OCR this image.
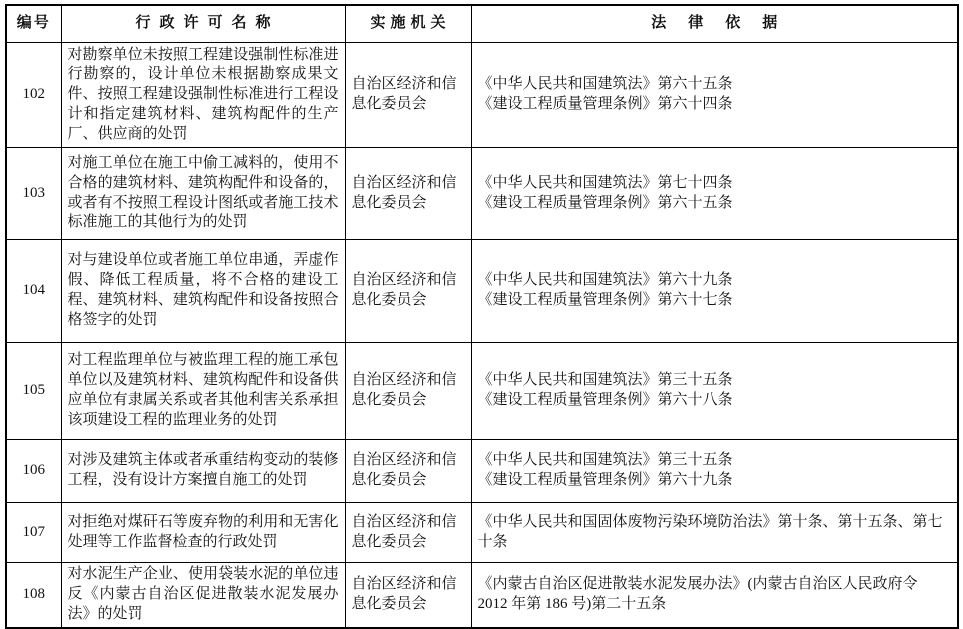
编号	行政许可名称	实施机关	法律依据
102	对勘察单位未按照工程建设强制性标准进行勘察的，设计单位未根据勘察成果文件、按照工程建设强制性标准进行工程设计和指定建筑材料、建筑构配件的生产厂、供应商的处罚	自治区经济和信息化委员会	《中华人民共和国建筑法》第六十五条
《建设工程质量管理条例》第六十四条

103	对施工单位在施工中偷工减料的，使用不合格的建筑材料、建筑构配件和设备的，或者有不按照工程设计图纸或者施工技术标准施工的其他行为的处罚	自治区经济和信息化委员会	《中华人民共和国建筑法》第七十四条
《建设工程质量管理条例》第六十五条

104	对与建设单位或者施工单位串通，弄虚作假、降低工程质量，将不合格的建设工程、建筑材料、建筑构配件和设备按照合格签字的处罚	自治区经济和信息化委员会	《中华人民共和国建筑法》第六十九条
《建设工程质量管理条例》第六十七条

105	对工程监理单位与被监理工程的施工承包单位以及建筑材料、建筑构配件和设备供应单位有隶属关系或者其他利害关系承担该项建设工程的监理业务的处罚	自治区经济和信息化委员会	《中华人民共和国建筑法》第三十五条
《建设工程质量管理条例》第六十八条

106	对涉及建筑主体或者承重结构变动的装修工程，没有设计方案擅自施工的处罚	自治区经济和信息化委员会	《中华人民共和国建筑法》第三十五条
《建设工程质量管理条例》第六十九条

107	对拒绝对煤矸石等废弃物的利用和无害化处理等工作监督检查的行政处罚	自治区经济和信息化委员会	《中华人民共和国固体废物污染环境防治法》第十条、第十五条、第七十条

108	对水泥生产企业、使用袋装水泥的单位违反《内蒙古自治区促进散装水泥发展办法》的处罚	自治区经济和信息化委员会	《内蒙古自治区促进散装水泥发展办法》(内蒙古自治区人民政府令 2012 年第 186 号)第二十五条
